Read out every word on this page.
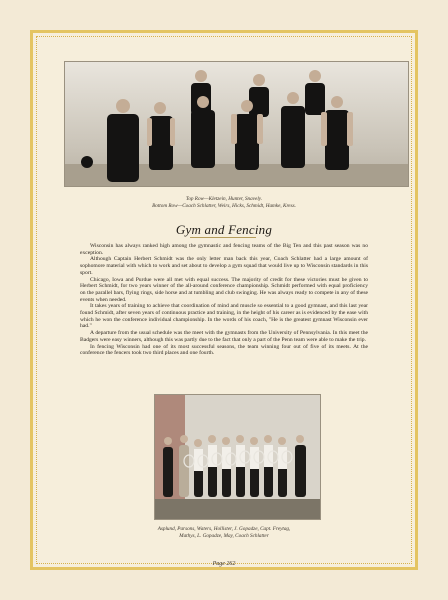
Top Row—Kletzein, Hunter, Snavely.
Bottom Row—Coach Schlatter, Weirs, Hicks, Schmidt, Hamke, Kress.
Gym and Fencing

Wisconsin has always ranked high among the gymnastic and fencing teams of the Big Ten and this past season was no exception.

Although Captain Herbert Schmidt was the only letter man back this year, Coach Schlatter had a large amount of sophomore material with which to work and set about to develop a gym squad that would live up to Wisconsin standards in this sport.

Chicago, Iowa and Purdue were all met with equal success. The majority of credit for these victories must be given to Herbert Schmidt, for two years winner of the all-around conference championship. Schmidt performed with equal proficiency on the parallel bars, flying rings, side horse and at tumbling and club swinging. He was always ready to compete in any of these events when needed.

It takes years of training to achieve that coordination of mind and muscle so essential to a good gymnast, and this last year found Schmidt, after seven years of continuous practice and training, in the height of his career as is evidenced by the ease with which he won the conference individual championship. In the words of his coach, "He is the greatest gymnast Wisconsin ever had."

A departure from the usual schedule was the meet with the gymnasts from the University of Pennsylvania. In this meet the Badgers were easy winners, although this was partly due to the fact that only a part of the Penn team were able to make the trip.

In fencing Wisconsin had one of its most successful seasons, the team winning four out of five of its meets. At the conference the fencers took two third places and one fourth.

Asplund, Parsons, Waters, Hollister, J. Gopadze, Capt. Freytag,
Mathys, L. Gopadze, May, Coach Schlatter
Page 262
